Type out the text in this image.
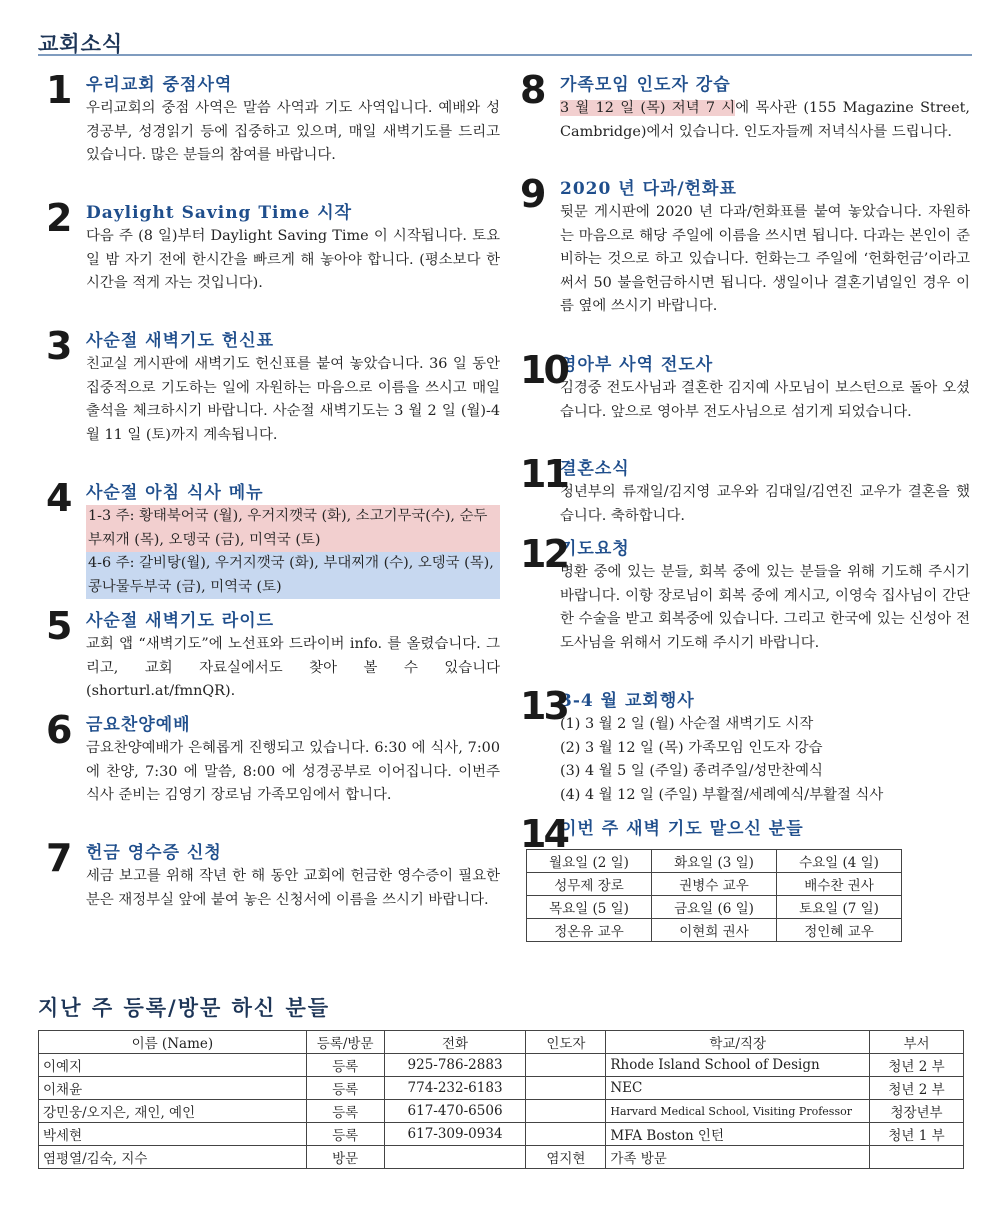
교회소식
1 우리교회 중점사역
우리교회의 중점 사역은 말씀 사역과 기도 사역입니다. 예배와 성경공부, 성경읽기 등에 집중하고 있으며, 매일 새벽기도를 드리고 있습니다. 많은 분들의 참여를 바랍니다.
2 Daylight Saving Time 시작
다음 주 (8 일)부터 Daylight Saving Time 이 시작됩니다. 토요일 밤 자기 전에 한시간을 빠르게 해 놓아야 합니다. (평소보다 한 시간을 적게 자는 것입니다).
3 사순절 새벽기도 헌신표
친교실 게시판에 새벽기도 헌신표를 붙여 놓았습니다. 36 일 동안 집중적으로 기도하는 일에 자원하는 마음으로 이름을 쓰시고 매일 출석을 체크하시기 바랍니다. 사순절 새벽기도는 3 월 2 일 (월)-4 월 11 일 (토)까지 계속됩니다.
4 사순절 아침 식사 메뉴
1-3 주: 황태북어국 (월), 우거지깻국 (화), 소고기무국(수), 순두부찌개 (목), 오뎅국 (금), 미역국 (토)
4-6 주: 갈비탕(월), 우거지깻국 (화), 부대찌개 (수), 오뎅국 (목), 콩나물두부국 (금), 미역국 (토)
5 사순절 새벽기도 라이드
교회 앱 “새벽기도”에 노선표와 드라이버 info. 를 올렸습니다. 그리고, 교회 자료실에서도 찾아 볼 수 있습니다 (shorturl.at/fmnQR).
6 금요찬양예배
금요찬양예배가 은혜롭게 진행되고 있습니다. 6:30 에 식사, 7:00 에 찬양, 7:30 에 말씀, 8:00 에 성경공부로 이어집니다. 이번주 식사 준비는 김영기 장로님 가족모임에서 합니다.
7 헌금 영수증 신청
세금 보고를 위해 작년 한 해 동안 교회에 헌금한 영수증이 필요한 분은 재정부실 앞에 붙여 놓은 신청서에 이름을 쓰시기 바랍니다.
8 가족모임 인도자 강습
3 월 12 일 (목) 저녁 7 시에 목사관 (155 Magazine Street, Cambridge)에서 있습니다. 인도자들께 저녁식사를 드립니다.
9 2020 년 다과/헌화표
뒷문 게시판에 2020 년 다과/헌화표를 붙여 놓았습니다. 자원하는 마음으로 해당 주일에 이름을 쓰시면 됩니다. 다과는 본인이 준비하는 것으로 하고 있습니다. 헌화는그 주일에 ‘헌화헌금’이라고 써서 50 불을헌금하시면 됩니다. 생일이나 결혼기념일인 경우 이름 옆에 쓰시기 바랍니다.
10
영아부 사역 전도사
김경중 전도사님과 결혼한 김지예 사모님이 보스턴으로 돌아 오셨습니다. 앞으로 영아부 전도사님으로 섬기게 되었습니다.
11
결혼소식
청년부의 류재일/김지영 교우와 김대일/김연진 교우가 결혼을 했습니다. 축하합니다.
12
기도요청
병환 중에 있는 분들, 회복 중에 있는 분들을 위해 기도해 주시기 바랍니다. 이항 장로님이 회복 중에 계시고, 이영숙 집사님이 간단한 수술을 받고 회복중에 있습니다. 그리고 한국에 있는 신성아 전도사님을 위해서 기도해 주시기 바랍니다.
13
3-4 월 교회행사
(1) 3 월 2 일 (월) 사순절 새벽기도 시작
(2) 3 월 12 일 (목) 가족모임 인도자 강습
(3) 4 월 5 일 (주일) 종려주일/성만찬예식
(4) 4 월 12 일 (주일) 부활절/세례예식/부활절 식사
14
이번 주 새벽 기도 맡으신 분들
월요일 (2 일)	화요일 (3 일)	수요일 (4 일)
성무제 장로	권병수 교우	배수찬 권사
목요일 (5 일)	금요일 (6 일)	토요일 (7 일)
정온유 교우	이현희 권사	정인혜 교우
지난 주 등록/방문 하신 분들
이름 (Name)	등록/방문	전화	인도자	학교/직장	부서
이예지	등록	925-786-2883		Rhode Island School of Design	청년 2 부
이채윤	등록	774-232-6183		NEC	청년 2 부
강민웅/오지은, 재인, 예인	등록	617-470-6506		Harvard Medical School, Visiting Professor	청장년부
박세현	등록	617-309-0934		MFA Boston 인턴	청년 1 부
염평열/김숙, 지수	방문		염지현	가족 방문	
